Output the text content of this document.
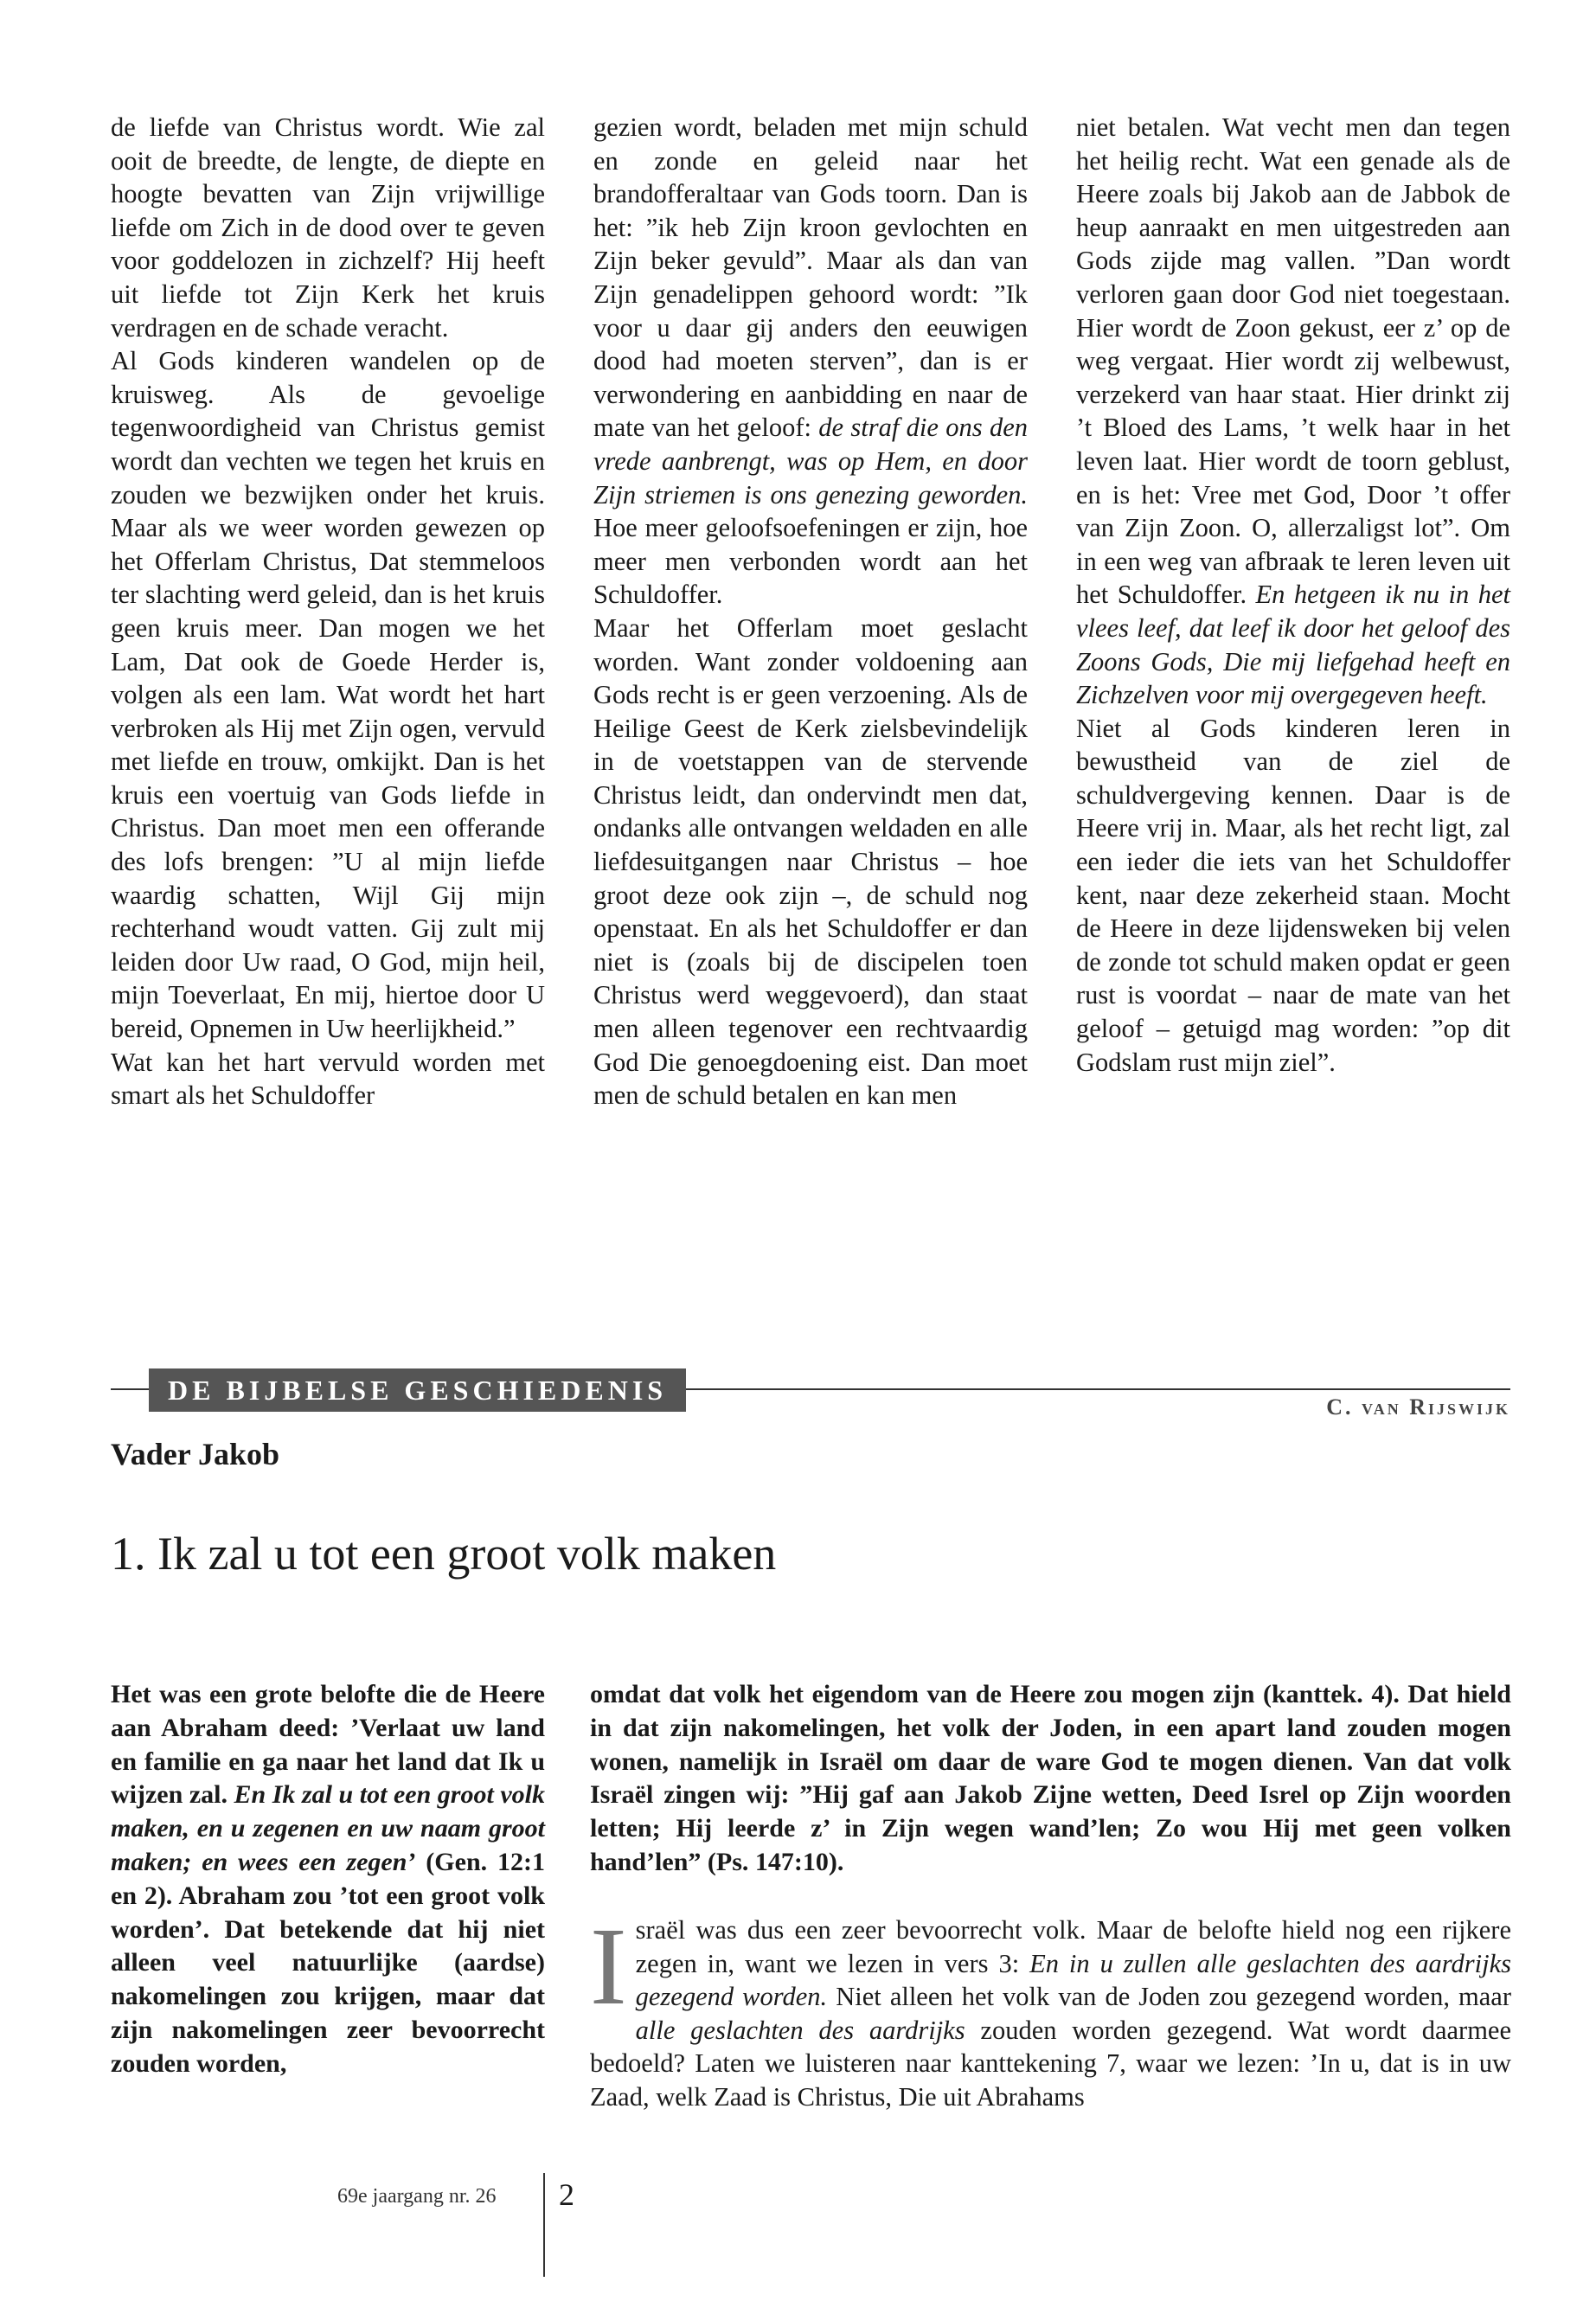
de liefde van Christus wordt. Wie zal ooit de breedte, de lengte, de diepte en hoogte bevatten van Zijn vrijwillige liefde om Zich in de dood over te geven voor goddelozen in zichzelf? Hij heeft uit liefde tot Zijn Kerk het kruis verdragen en de schade veracht.

Al Gods kinderen wandelen op de kruisweg. Als de gevoelige tegenwoordigheid van Christus gemist wordt dan vechten we tegen het kruis en zouden we bezwijken onder het kruis. Maar als we weer worden gewezen op het Offerlam Christus, Dat stemmeloos ter slachting werd geleid, dan is het kruis geen kruis meer. Dan mogen we het Lam, Dat ook de Goede Herder is, volgen als een lam. Wat wordt het hart verbroken als Hij met Zijn ogen, vervuld met liefde en trouw, omkijkt. Dan is het kruis een voertuig van Gods liefde in Christus. Dan moet men een offerande des lofs brengen: ”U al mijn liefde waardig schatten, Wijl Gij mijn rechterhand woudt vatten. Gij zult mij leiden door Uw raad, O God, mijn heil, mijn Toeverlaat, En mij, hiertoe door U bereid, Opnemen in Uw heerlijkheid.”

Wat kan het hart vervuld worden met smart als het Schuldoffer

gezien wordt, beladen met mijn schuld en zonde en geleid naar het brandofferaltaar van Gods toorn. Dan is het: ”ik heb Zijn kroon gevlochten en Zijn beker gevuld”. Maar als dan van Zijn genadelippen gehoord wordt: ”Ik voor u daar gij anders den eeuwigen dood had moeten sterven”, dan is er verwondering en aanbidding en naar de mate van het geloof: de straf die ons den vrede aanbrengt, was op Hem, en door Zijn striemen is ons genezing geworden. Hoe meer geloofsoefeningen er zijn, hoe meer men verbonden wordt aan het Schuldoffer.

Maar het Offerlam moet geslacht worden. Want zonder voldoening aan Gods recht is er geen verzoening. Als de Heilige Geest de Kerk zielsbevindelijk in de voetstappen van de stervende Christus leidt, dan ondervindt men dat, ondanks alle ontvangen weldaden en alle liefdesuitgangen naar Christus – hoe groot deze ook zijn –, de schuld nog openstaat. En als het Schuldoffer er dan niet is (zoals bij de discipelen toen Christus werd weggevoerd), dan staat men alleen tegenover een rechtvaardig God Die genoegdoening eist. Dan moet men de schuld betalen en kan men

niet betalen. Wat vecht men dan tegen het heilig recht. Wat een genade als de Heere zoals bij Jakob aan de Jabbok de heup aanraakt en men uitgestreden aan Gods zijde mag vallen. ”Dan wordt verloren gaan door God niet toegestaan. Hier wordt de Zoon gekust, eer z’ op de weg vergaat. Hier wordt zij welbewust, verzekerd van haar staat. Hier drinkt zij ’t Bloed des Lams, ’t welk haar in het leven laat. Hier wordt de toorn geblust, en is het: Vree met God, Door ’t offer van Zijn Zoon. O, allerzaligst lot”. Om in een weg van afbraak te leren leven uit het Schuldoffer. En hetgeen ik nu in het vlees leef, dat leef ik door het geloof des Zoons Gods, Die mij liefgehad heeft en Zichzelven voor mij overgegeven heeft.

Niet al Gods kinderen leren in bewustheid van de ziel de schuldvergeving kennen. Daar is de Heere vrij in. Maar, als het recht ligt, zal een ieder die iets van het Schuldoffer kent, naar deze zekerheid staan. Mocht de Heere in deze lijdensweken bij velen de zonde tot schuld maken opdat er geen rust is voordat – naar de mate van het geloof – getuigd mag worden: ”op dit Godslam rust mijn ziel”.

DE BIJBELSE GESCHIEDENIS
C. van Rijswijk
Vader Jakob
1. Ik zal u tot een groot volk maken
Het was een grote belofte die de Heere aan Abraham deed: ’Verlaat uw land en familie en ga naar het land dat Ik u wijzen zal. En Ik zal u tot een groot volk maken, en u zegenen en uw naam groot maken; en wees een zegen’ (Gen. 12:1 en 2). Abraham zou ’tot een groot volk worden’. Dat betekende dat hij niet alleen veel natuurlijke (aardse) nakomelingen zou krijgen, maar dat zijn nakomelingen zeer bevoorrecht zouden worden,
omdat dat volk het eigendom van de Heere zou mogen zijn (kanttek. 4). Dat hield in dat zijn nakomelingen, het volk der Joden, in een apart land zouden mogen wonen, namelijk in Israël om daar de ware God te mogen dienen. Van dat volk Israël zingen wij: ”Hij gaf aan Jakob Zijne wetten, Deed Isrel op Zijn woorden letten; Hij leerde z’ in Zijn wegen wand’len; Zo wou Hij met geen volken hand’len” (Ps. 147:10).
Israël was dus een zeer bevoorrecht volk. Maar de belofte hield nog een rijkere zegen in, want we lezen in vers 3: En in u zullen alle geslachten des aardrijks gezegend worden. Niet alleen het volk van de Joden zou gezegend worden, maar alle geslachten des aardrijks zouden worden gezegend. Wat wordt daarmee bedoeld? Laten we luisteren naar kanttekening 7, waar we lezen: ’In u, dat is in uw Zaad, welk Zaad is Christus, Die uit Abrahams
69e jaargang nr. 26 2
